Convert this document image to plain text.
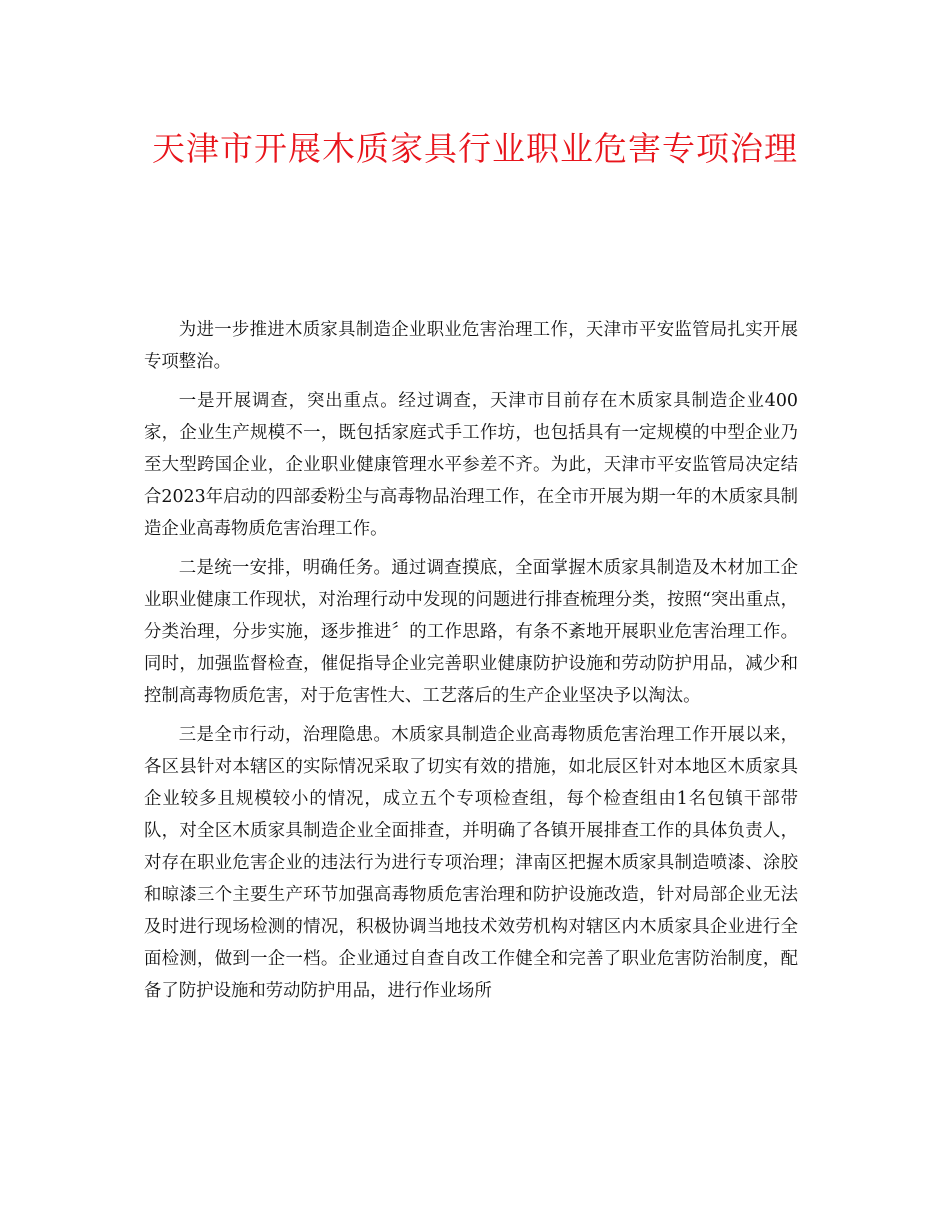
天津市开展木质家具行业职业危害专项治理

为进一步推进木质家具制造企业职业危害治理工作，天津市平安监管局扎实开展专项整治。

一是开展调查，突出重点。经过调查，天津市目前存在木质家具制造企业400家，企业生产规模不一，既包括家庭式手工作坊，也包括具有一定规模的中型企业乃至大型跨国企业，企业职业健康管理水平参差不齐。为此，天津市平安监管局决定结合2023年启动的四部委粉尘与高毒物品治理工作，在全市开展为期一年的木质家具制造企业高毒物质危害治理工作。

二是统一安排，明确任务。通过调查摸底，全面掌握木质家具制造及木材加工企业职业健康工作现状，对治理行动中发现的问题进行排查梳理分类，按照“突出重点，分类治理，分步实施，逐步推进〞的工作思路，有条不紊地开展职业危害治理工作。同时，加强监督检查，催促指导企业完善职业健康防护设施和劳动防护用品，减少和控制高毒物质危害，对于危害性大、工艺落后的生产企业坚决予以淘汰。

三是全市行动，治理隐患。木质家具制造企业高毒物质危害治理工作开展以来，各区县针对本辖区的实际情况采取了切实有效的措施，如北辰区针对本地区木质家具企业较多且规模较小的情况，成立五个专项检查组，每个检查组由1名包镇干部带队，对全区木质家具制造企业全面排查，并明确了各镇开展排查工作的具体负责人，对存在职业危害企业的违法行为进行专项治理；津南区把握木质家具制造喷漆、涂胶和晾漆三个主要生产环节加强高毒物质危害治理和防护设施改造，针对局部企业无法及时进行现场检测的情况，积极协调当地技术效劳机构对辖区内木质家具企业进行全面检测，做到一企一档。企业通过自查自改工作健全和完善了职业危害防治制度，配备了防护设施和劳动防护用品，进行作业场所
